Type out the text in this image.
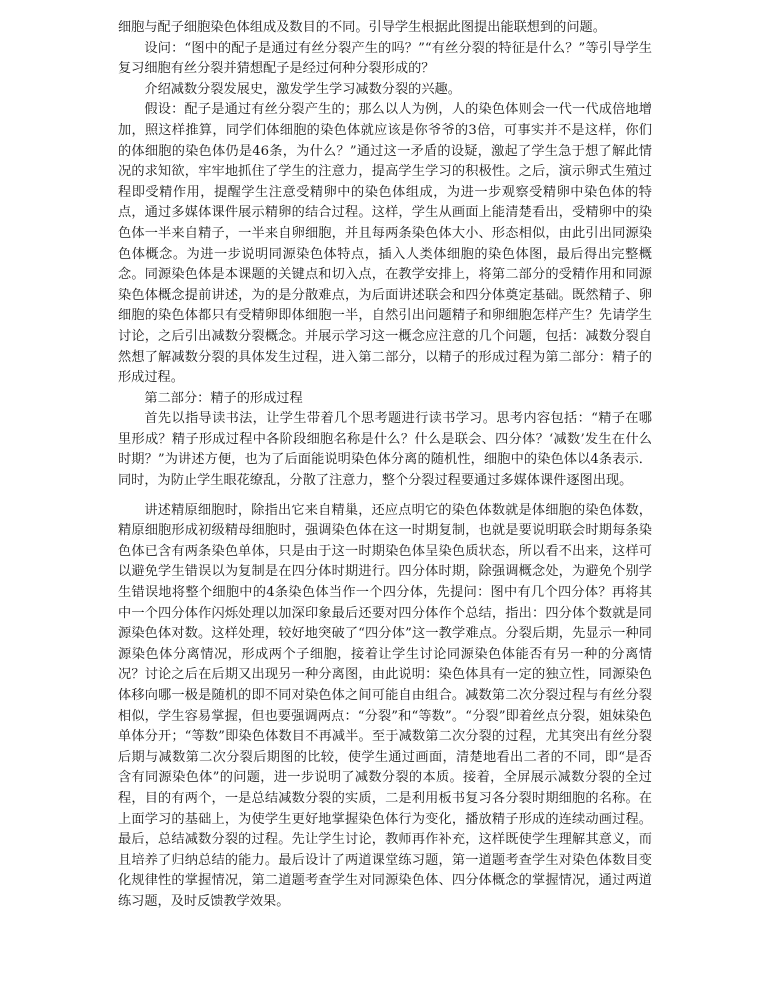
细胞与配子细胞染色体组成及数目的不同。引导学生根据此图提出能联想到的问题。

设问：“图中的配子是通过有丝分裂产生的吗？”“有丝分裂的特征是什么？”等引导学生复习细胞有丝分裂并猜想配子是经过何种分裂形成的？

介绍减数分裂发展史，激发学生学习减数分裂的兴趣。

假设：配子是通过有丝分裂产生的；那么以人为例，人的染色体则会一代一代成倍地增加，照这样推算，同学们体细胞的染色体就应该是你爷爷的3倍，可事实并不是这样，你们的体细胞的染色体仍是46条，为什么？”通过这一矛盾的设疑，激起了学生急于想了解此情况的求知欲，牢牢地抓住了学生的注意力，提高学生学习的积极性。之后，演示卵式生殖过程即受精作用，提醒学生注意受精卵中的染色体组成，为进一步观察受精卵中染色体的特点，通过多媒体课件展示精卵的结合过程。这样，学生从画面上能清楚看出，受精卵中的染色体一半来自精子，一半来自卵细胞，并且每两条染色体大小、形态相似，由此引出同源染色体概念。为进一步说明同源染色体特点，插入人类体细胞的染色体图，最后得出完整概念。同源染色体是本课题的关键点和切入点，在教学安排上，将第二部分的受精作用和同源染色体概念提前讲述，为的是分散难点，为后面讲述联会和四分体奠定基础。既然精子、卵细胞的染色体都只有受精卵即体细胞一半，自然引出问题精子和卵细胞怎样产生？先请学生讨论，之后引出减数分裂概念。并展示学习这一概念应注意的几个问题，包括：减数分裂自然想了解减数分裂的具体发生过程，进入第二部分，以精子的形成过程为第二部分：精子的形成过程。

第二部分：精子的形成过程

首先以指导读书法，让学生带着几个思考题进行读书学习。思考内容包括：“精子在哪里形成？精子形成过程中各阶段细胞名称是什么？什么是联会、四分体？‘减数’发生在什么时期？”为讲述方便，也为了后面能说明染色体分离的随机性，细胞中的染色体以4条表示．同时，为防止学生眼花缭乱，分散了注意力，整个分裂过程要通过多媒体课件逐图出现。

讲述精原细胞时，除指出它来自精巢，还应点明它的染色体数就是体细胞的染色体数，精原细胞形成初级精母细胞时，强调染色体在这一时期复制，也就是要说明联会时期每条染色体已含有两条染色单体，只是由于这一时期染色体呈染色质状态，所以看不出来，这样可以避免学生错误以为复制是在四分体时期进行。四分体时期，除强调概念处，为避免个别学生错误地将整个细胞中的4条染色体当作一个四分体，先提问：图中有几个四分体？再将其中一个四分体作闪烁处理以加深印象最后还要对四分体作个总结，指出：四分体个数就是同源染色体对数。这样处理，较好地突破了“四分体”这一教学难点。分裂后期，先显示一种同源染色体分离情况，形成两个子细胞，接着让学生讨论同源染色体能否有另一种的分离情况？讨论之后在后期又出现另一种分离图，由此说明：染色体具有一定的独立性，同源染色体移向哪一极是随机的即不同对染色体之间可能自由组合。减数第二次分裂过程与有丝分裂相似，学生容易掌握，但也要强调两点：“分裂”和“等数”。“分裂”即着丝点分裂，姐妹染色单体分开；“等数”即染色体数目不再减半。至于减数第二次分裂的过程，尤其突出有丝分裂后期与减数第二次分裂后期图的比较，使学生通过画面，清楚地看出二者的不同，即“是否含有同源染色体”的问题，进一步说明了减数分裂的本质。接着，全屏展示减数分裂的全过程，目的有两个，一是总结减数分裂的实质，二是利用板书复习各分裂时期细胞的名称。在上面学习的基础上，为使学生更好地掌握染色体行为变化，播放精子形成的连续动画过程。最后，总结减数分裂的过程。先让学生讨论，教师再作补充，这样既使学生理解其意义，而且培养了归纳总结的能力。最后设计了两道课堂练习题，第一道题考查学生对染色体数目变化规律性的掌握情况，第二道题考查学生对同源染色体、四分体概念的掌握情况，通过两道练习题，及时反馈教学效果。
